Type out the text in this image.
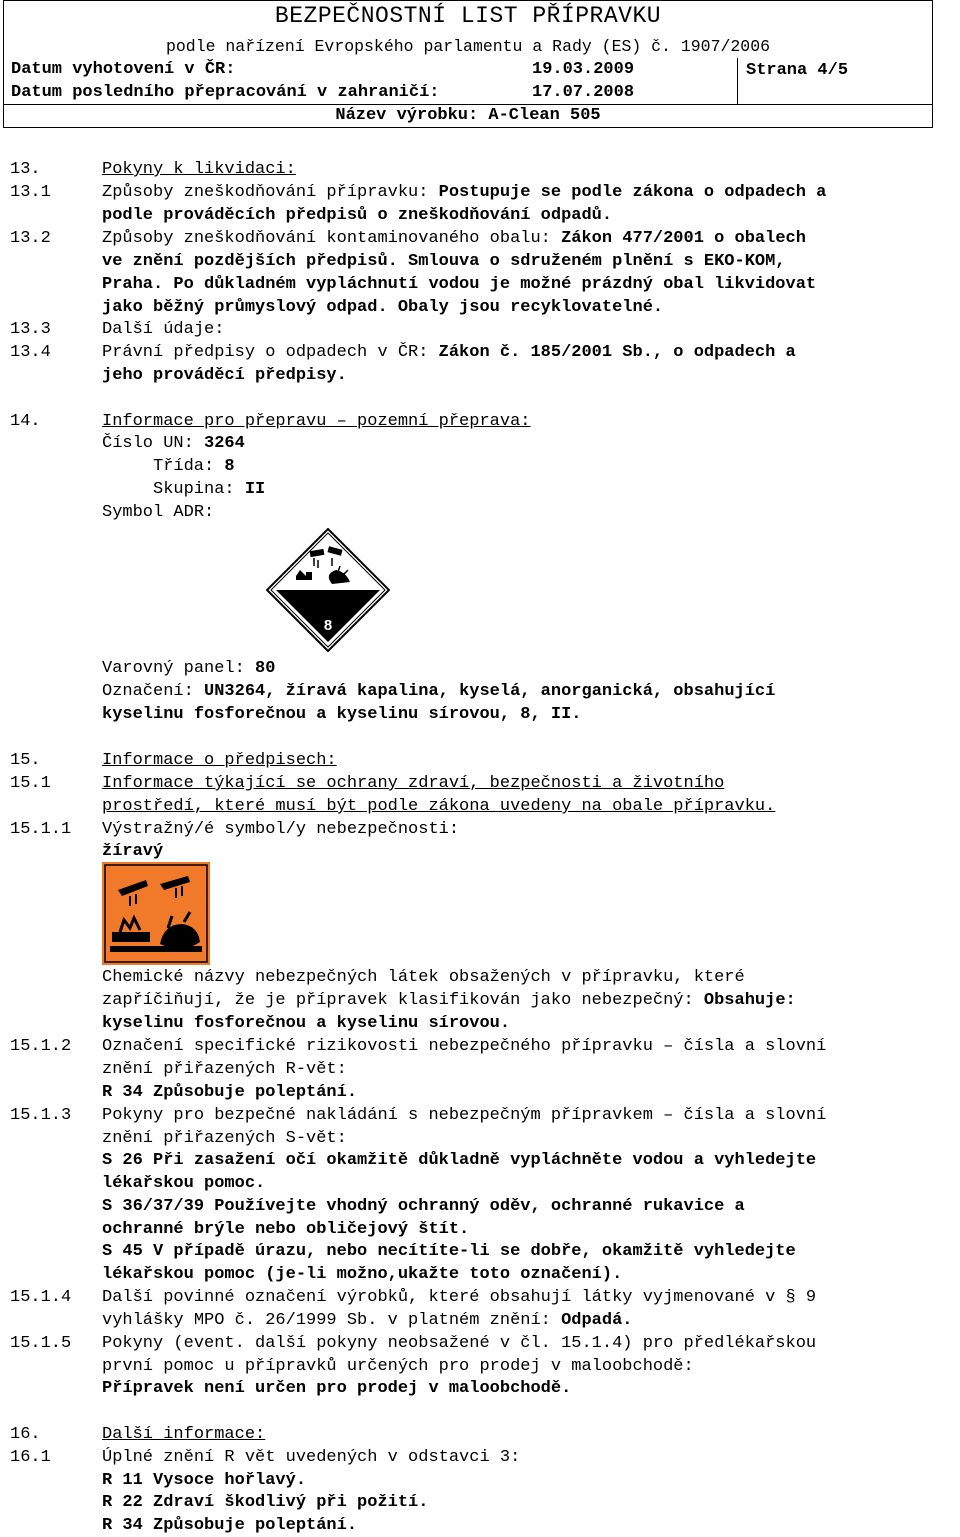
BEZPEČNOSTNÍ LIST PŘÍPRAVKU
podle nařízení Evropského parlamentu a Rady (ES) č. 1907/2006
Datum vyhotovení v ČR:	19.03.2009
Datum posledního přepracování v zahraničí:	17.07.2008
Strana 4/5
Název výrobku: A-Clean 505
13.	Pokyny k likvidaci:
13.1	Způsoby zneškodňování přípravku: Postupuje se podle zákona o odpadech a
podle prováděcích předpisů o zneškodňování odpadů.
13.2	Způsoby zneškodňování kontaminovaného obalu: Zákon 477/2001 o obalech
ve znění pozdějších předpisů. Smlouva o sdruženém plnění s EKO-KOM,
Praha. Po důkladném vypláchnutí vodou je možné prázdný obal likvidovat
jako běžný průmyslový odpad. Obaly jsou recyklovatelné.
13.3	Další údaje:
13.4	Právní předpisy o odpadech v ČR: Zákon č. 185/2001 Sb., o odpadech a
jeho prováděcí předpisy.
14.	Informace pro přepravu – pozemní přeprava:
Číslo UN: 3264
Třída: 8
Skupina: II
Symbol ADR:
8
Varovný panel: 80
Označení: UN3264, žíravá kapalina, kyselá, anorganická, obsahující
kyselinu fosforečnou a kyselinu sírovou, 8, II.
15.	Informace o předpisech:
15.1	Informace týkající se ochrany zdraví, bezpečnosti a životního
prostředí, které musí být podle zákona uvedeny na obale přípravku.
15.1.1 Výstražný/é symbol/y nebezpečnosti:
žíravý
Chemické názvy nebezpečných látek obsažených v přípravku, které
zapříčiňují, že je přípravek klasifikován jako nebezpečný: Obsahuje:
kyselinu fosforečnou a kyselinu sírovou.
15.1.2 Označení specifické rizikovosti nebezpečného přípravku – čísla a slovní
znění přiřazených R-vět:
R 34 Způsobuje poleptání.
15.1.3 Pokyny pro bezpečné nakládání s nebezpečným přípravkem – čísla a slovní
znění přiřazených S-vět:
S 26 Při zasažení očí okamžitě důkladně vypláchněte vodou a vyhledejte
lékařskou pomoc.
S 36/37/39 Používejte vhodný ochranný oděv, ochranné rukavice a
ochranné brýle nebo obličejový štít.
S 45 V případě úrazu, nebo necítíte-li se dobře, okamžitě vyhledejte
lékařskou pomoc (je-li možno,ukažte toto označení).
15.1.4 Další povinné označení výrobků, které obsahují látky vyjmenované v § 9
vyhlášky MPO č. 26/1999 Sb. v platném znění: Odpadá.
15.1.5 Pokyny (event. další pokyny neobsažené v čl. 15.1.4) pro předlékařskou
první pomoc u přípravků určených pro prodej v maloobchodě:
Přípravek není určen pro prodej v maloobchodě.
16.	Další informace:
16.1	Úplné znění R vět uvedených v odstavci 3:
R 11 Vysoce hořlavý.
R 22 Zdraví škodlivý při požití.
R 34 Způsobuje poleptání.
